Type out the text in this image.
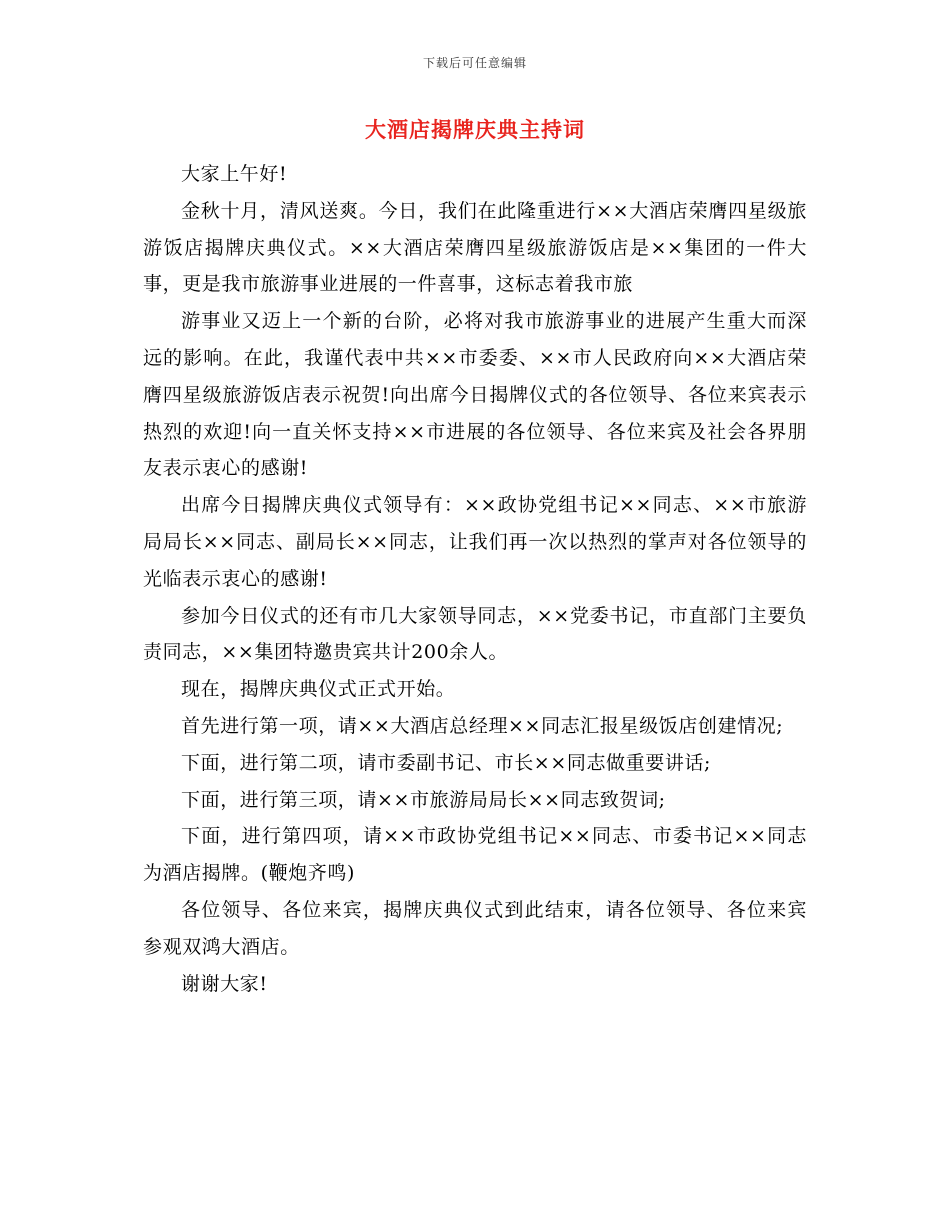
下载后可任意编辑
大酒店揭牌庆典主持词

大家上午好!

金秋十月，清风送爽。今日，我们在此隆重进行××大酒店荣膺四星级旅游饭店揭牌庆典仪式。××大酒店荣膺四星级旅游饭店是××集团的一件大事，更是我市旅游事业进展的一件喜事，这标志着我市旅

游事业又迈上一个新的台阶，必将对我市旅游事业的进展产生重大而深远的影响。在此，我谨代表中共××市委委、××市人民政府向××大酒店荣膺四星级旅游饭店表示祝贺!向出席今日揭牌仪式的各位领导、各位来宾表示热烈的欢迎!向一直关怀支持××市进展的各位领导、各位来宾及社会各界朋友表示衷心的感谢!

出席今日揭牌庆典仪式领导有：××政协党组书记××同志、××市旅游局局长××同志、副局长××同志，让我们再一次以热烈的掌声对各位领导的光临表示衷心的感谢!

参加今日仪式的还有市几大家领导同志，××党委书记，市直部门主要负责同志，××集团特邀贵宾共计200余人。

现在，揭牌庆典仪式正式开始。

首先进行第一项，请××大酒店总经理××同志汇报星级饭店创建情况;

下面，进行第二项，请市委副书记、市长××同志做重要讲话;

下面，进行第三项，请××市旅游局局长××同志致贺词;

下面，进行第四项，请××市政协党组书记××同志、市委书记××同志为酒店揭牌。(鞭炮齐鸣)

各位领导、各位来宾，揭牌庆典仪式到此结束，请各位领导、各位来宾参观双鸿大酒店。

谢谢大家!
